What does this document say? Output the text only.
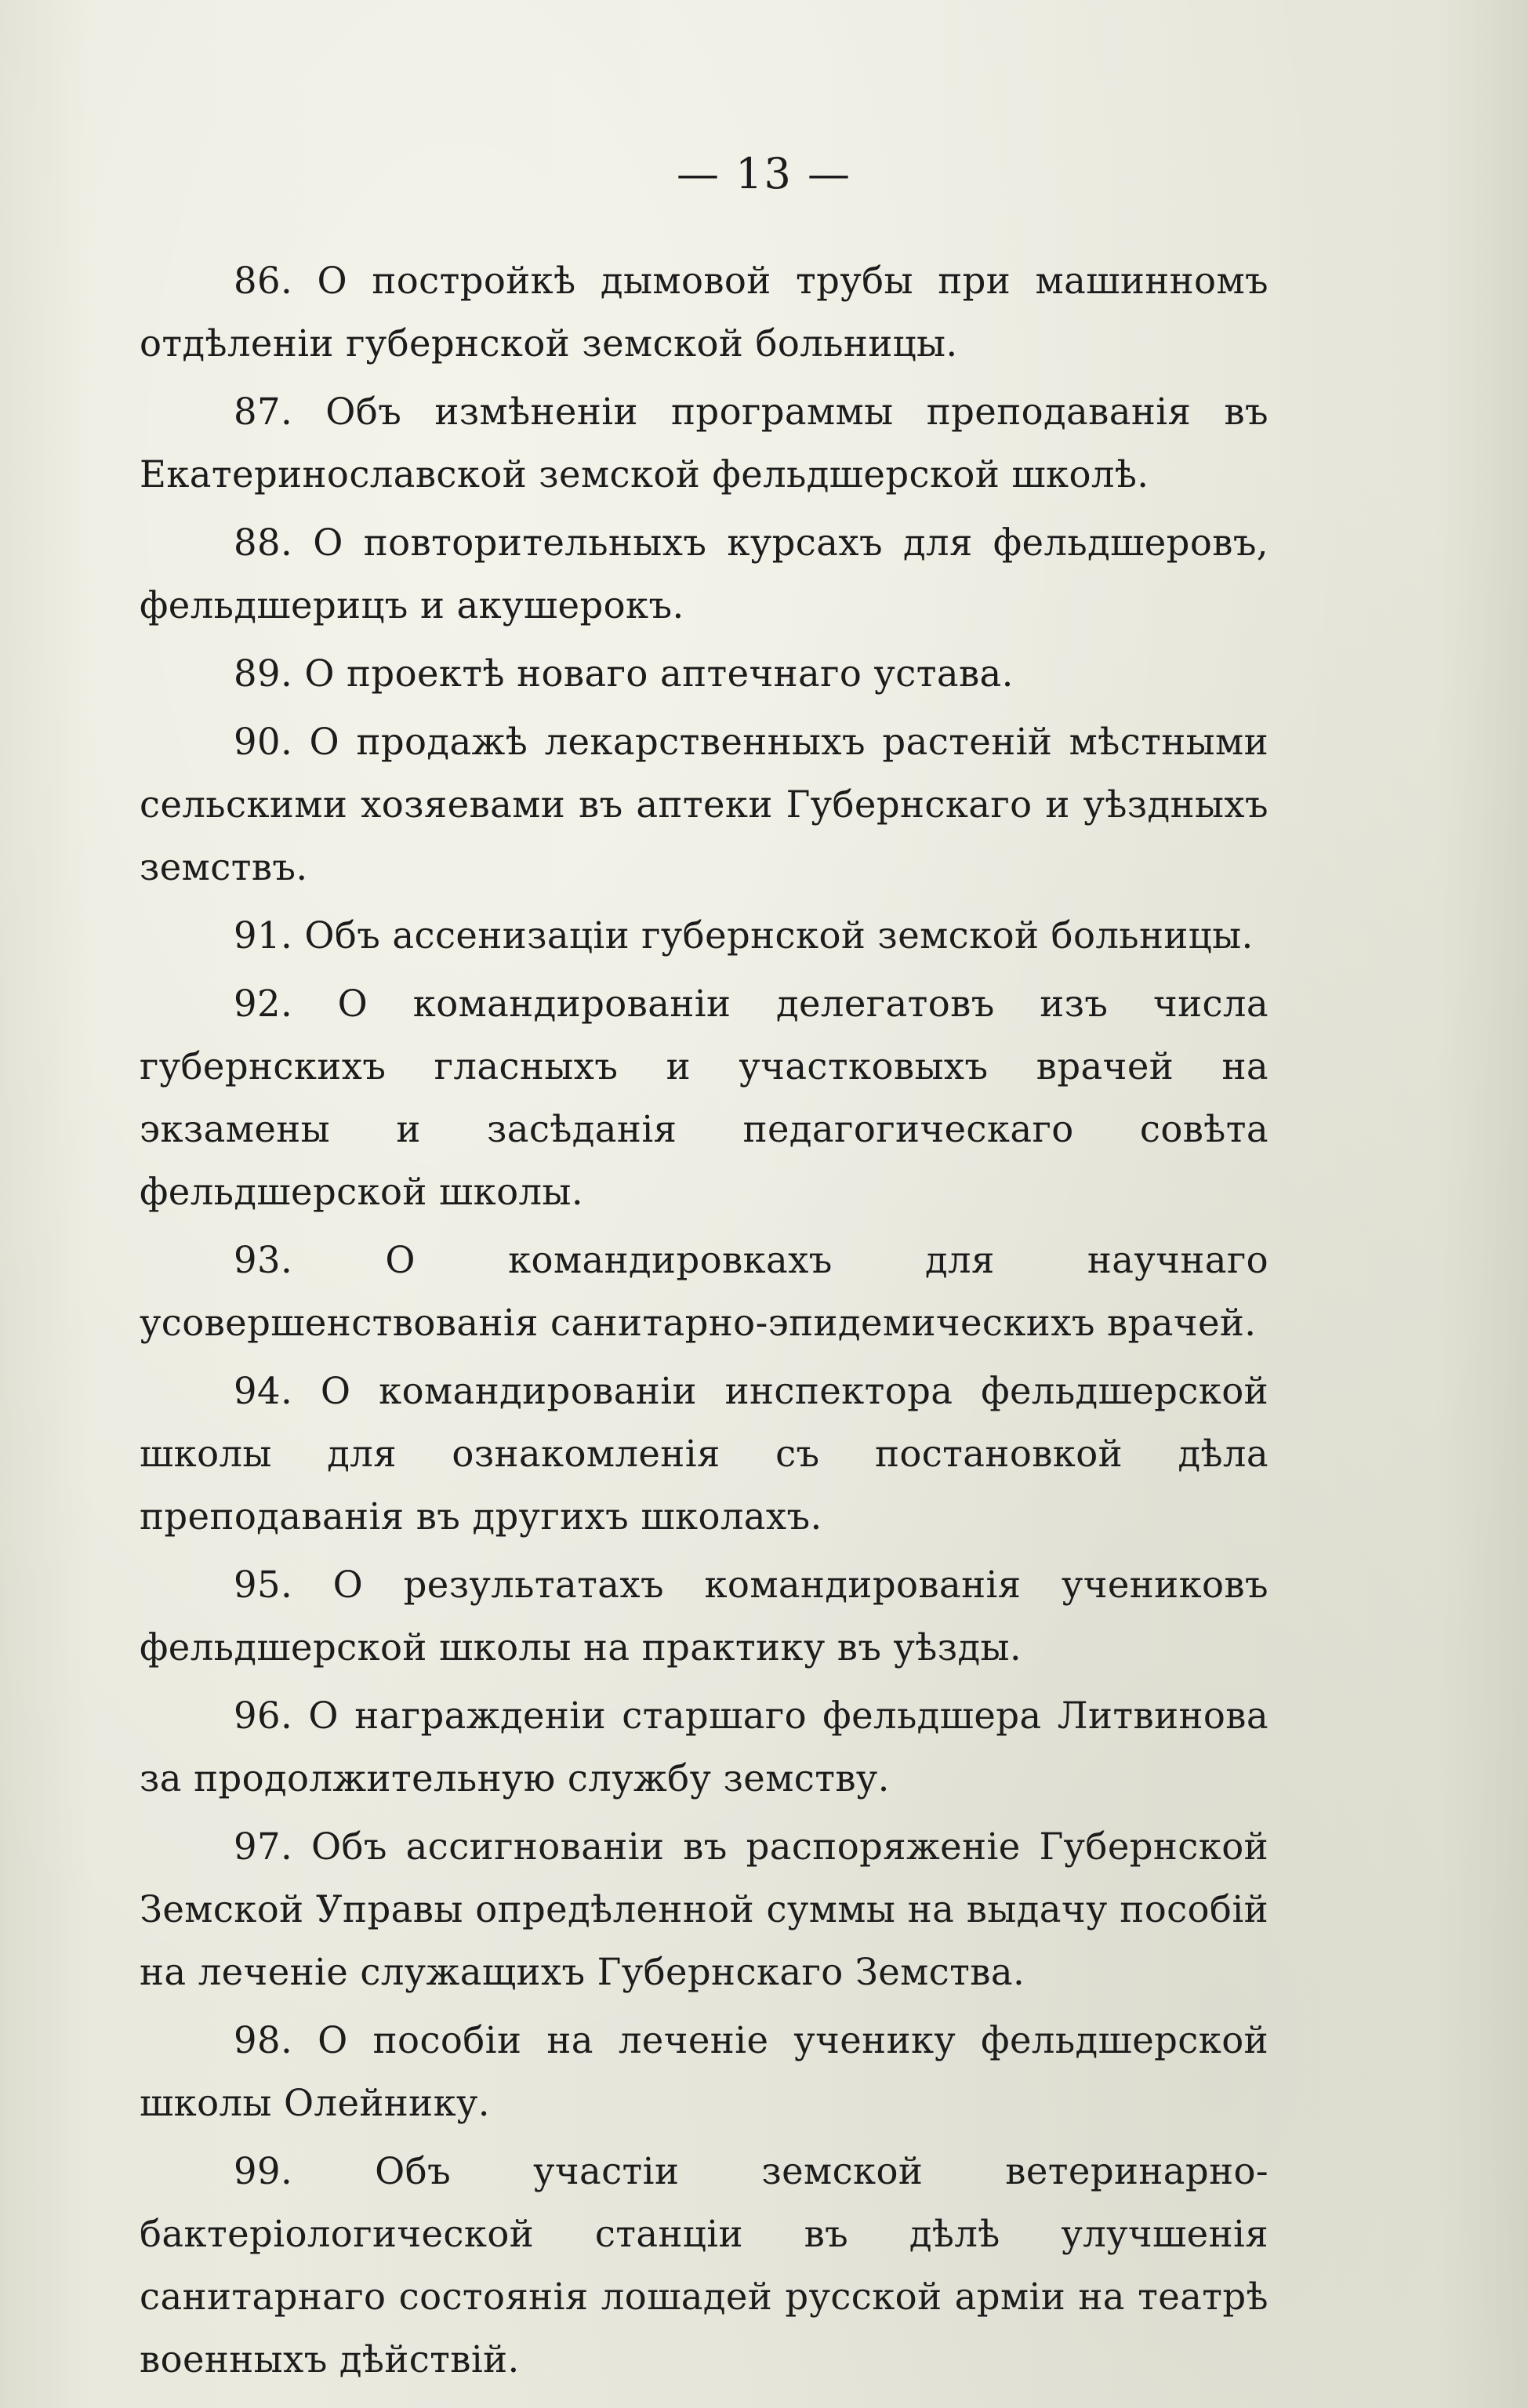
— 13 —
86. О постройкѣ дымовой трубы при машинномъ отдѣленіи губернской земской больницы.
87. Объ измѣненіи программы преподаванія въ Екатеринославской земской фельдшерской школѣ.
88. О повторительныхъ курсахъ для фельдшеровъ, фельдшерицъ и акушерокъ.
89. О проектѣ новаго аптечнаго устава.
90. О продажѣ лекарственныхъ растеній мѣстными сельскими хозяевами въ аптеки Губернскаго и уѣздныхъ земствъ.
91. Объ ассенизаціи губернской земской больницы.
92. О командированіи делегатовъ изъ числа губернскихъ гласныхъ и участковыхъ врачей на экзамены и засѣданія педагогическаго совѣта фельдшерской школы.
93. О командировкахъ для научнаго усовершенствованія санитарно-эпидемическихъ врачей.
94. О командированіи инспектора фельдшерской школы для ознакомленія съ постановкой дѣла преподаванія въ другихъ школахъ.
95. О результатахъ командированія учениковъ фельдшерской школы на практику въ уѣзды.
96. О награжденіи старшаго фельдшера Литвинова за продолжительную службу земству.
97. Объ ассигнованіи въ распоряженіе Губернской Земской Управы опредѣленной суммы на выдачу пособій на леченіе служащихъ Губернскаго Земства.
98. О пособіи на леченіе ученику фельдшерской школы Олейнику.
99. Объ участіи земской ветеринарно-бактеріологической станціи въ дѣлѣ улучшенія санитарнаго состоянія лошадей русской арміи на театрѣ военныхъ дѣйствій.
